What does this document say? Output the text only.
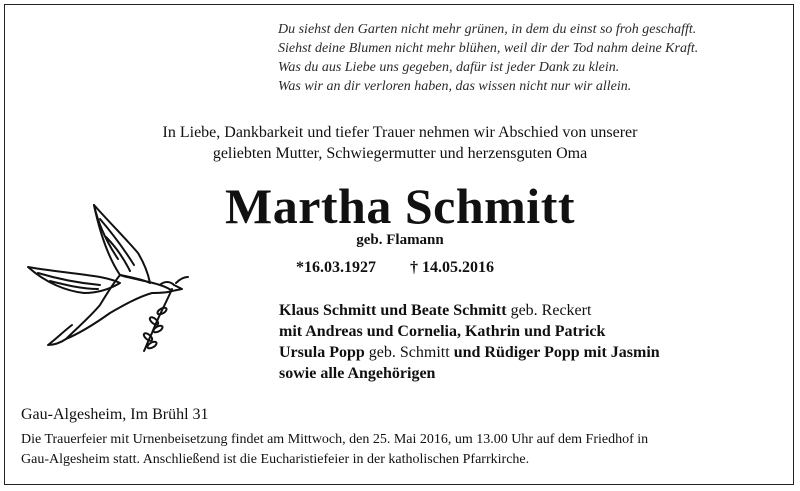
Du siehst den Garten nicht mehr grünen, in dem du einst so froh geschafft.
Siehst deine Blumen nicht mehr blühen, weil dir der Tod nahm deine Kraft.
Was du aus Liebe uns gegeben, dafür ist jeder Dank zu klein.
Was wir an dir verloren haben, das wissen nicht nur wir allein.
In Liebe, Dankbarkeit und tiefer Trauer nehmen wir Abschied von unserer
geliebten Mutter, Schwiegermutter und herzensguten Oma
Martha Schmitt
geb. Flamann
*16.03.1927 † 14.05.2016
Klaus Schmitt und Beate Schmitt geb. Reckert
mit Andreas und Cornelia, Kathrin und Patrick
Ursula Popp geb. Schmitt und Rüdiger Popp mit Jasmin
sowie alle Angehörigen
Gau-Algesheim, Im Brühl 31
Die Trauerfeier mit Urnenbeisetzung findet am Mittwoch, den 25. Mai 2016, um 13.00 Uhr auf dem Friedhof in
Gau-Algesheim statt. Anschließend ist die Eucharistiefeier in der katholischen Pfarrkirche.
